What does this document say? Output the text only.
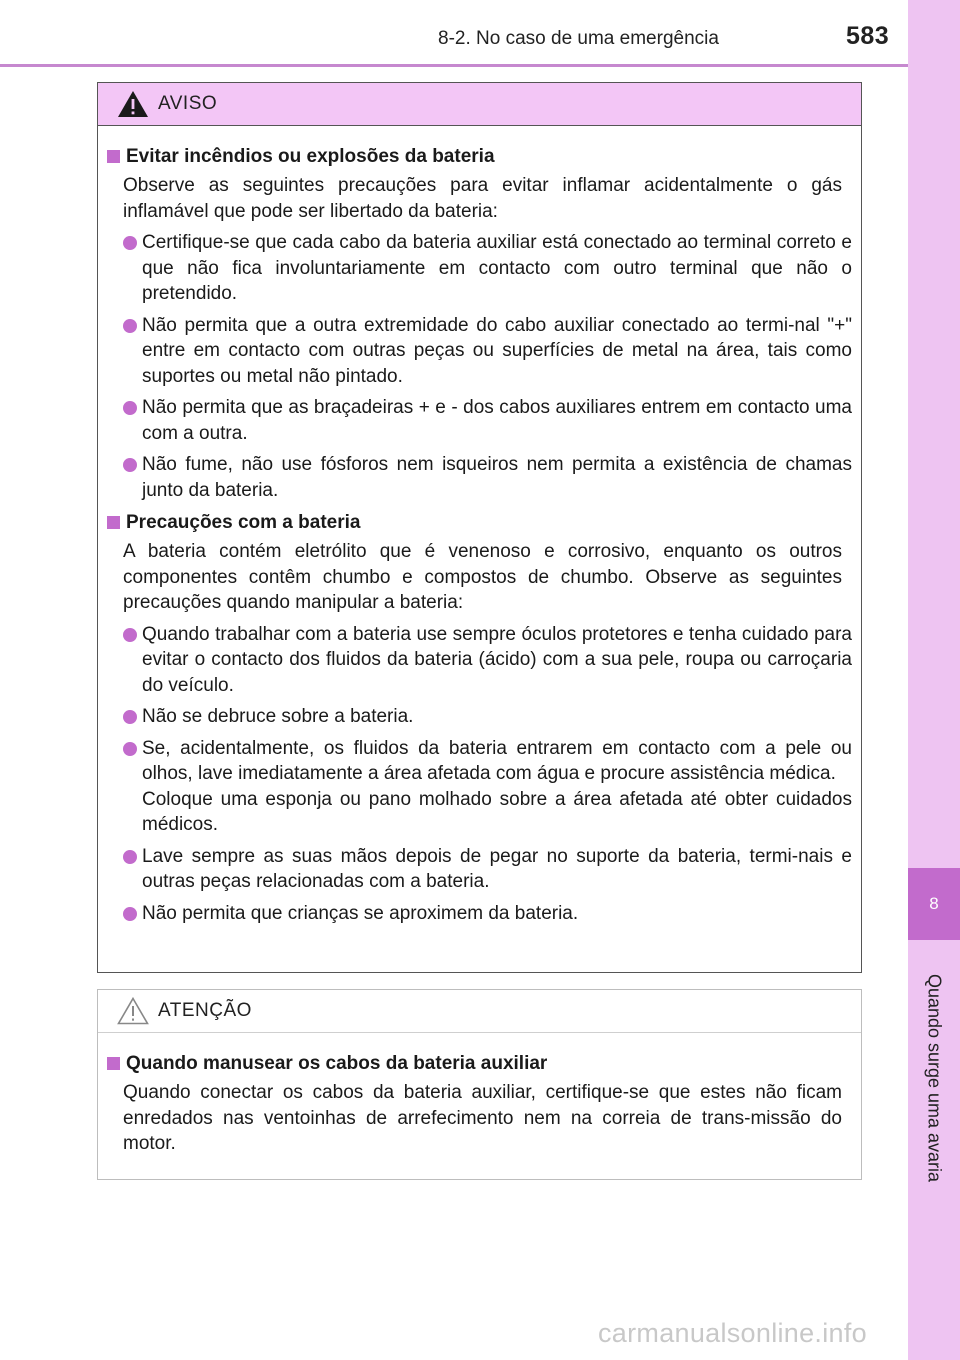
8-2. No caso de uma emergência	583
8
Quando surge uma avaria
AVISO
Evitar incêndios ou explosões da bateria

Observe as seguintes precauções para evitar inflamar acidentalmente o gás inflamável que pode ser libertado da bateria:

Certifique-se que cada cabo da bateria auxiliar está conectado ao terminal correto e que não fica involuntariamente em contacto com outro terminal que não o pretendido.

Não permita que a outra extremidade do cabo auxiliar conectado ao termi-nal "+" entre em contacto com outras peças ou superfícies de metal na área, tais como suportes ou metal não pintado.

Não permita que as braçadeiras + e - dos cabos auxiliares entrem em contacto uma com a outra.

Não fume, não use fósforos nem isqueiros nem permita a existência de chamas junto da bateria.

Precauções com a bateria

A bateria contém eletrólito que é venenoso e corrosivo, enquanto os outros componentes contêm chumbo e compostos de chumbo. Observe as seguintes precauções quando manipular a bateria:

Quando trabalhar com a bateria use sempre óculos protetores e tenha cuidado para evitar o contacto dos fluidos da bateria (ácido) com a sua pele, roupa ou carroçaria do veículo.

Não se debruce sobre a bateria.

Se, acidentalmente, os fluidos da bateria entrarem em contacto com a pele ou olhos, lave imediatamente a área afetada com água e procure assistência médica.

Coloque uma esponja ou pano molhado sobre a área afetada até obter cuidados médicos.

Lave sempre as suas mãos depois de pegar no suporte da bateria, termi-nais e outras peças relacionadas com a bateria.

Não permita que crianças se aproximem da bateria.

ATENÇÃO
Quando manusear os cabos da bateria auxiliar

Quando conectar os cabos da bateria auxiliar, certifique-se que estes não ficam enredados nas ventoinhas de arrefecimento nem na correia de trans-missão do motor.

carmanualsonline.info
